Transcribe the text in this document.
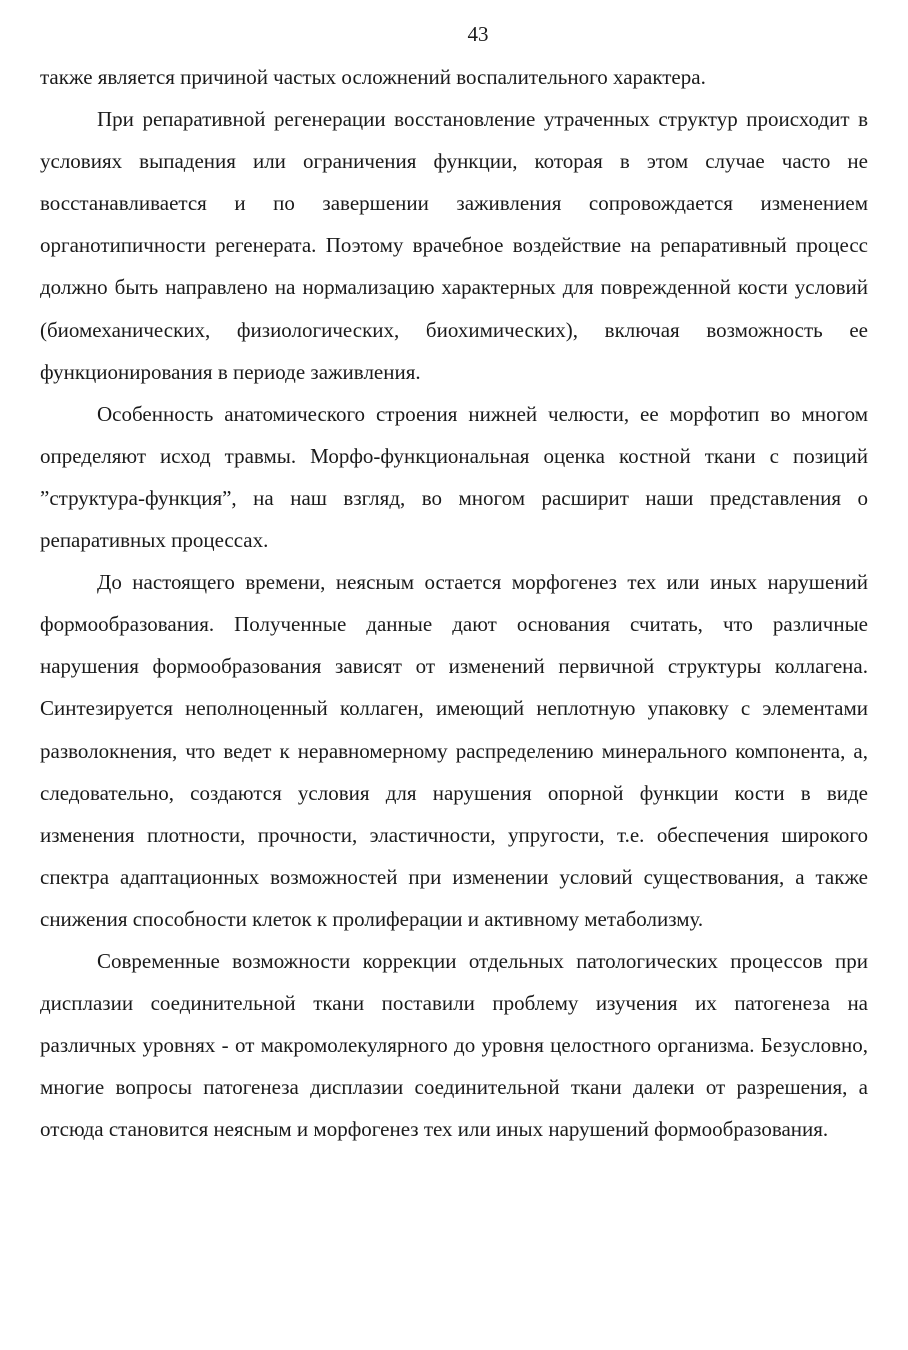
43

также является причиной частых осложнений воспалительного характера.

При репаративной регенерации восстановление утраченных структур происходит в условиях выпадения или ограничения функции, которая в этом случае часто не восстанавливается и по завершении заживления сопровождается изменением органотипичности регенерата. Поэтому врачебное воздействие на репаративный процесс должно быть направлено на нормализацию характерных для поврежденной кости условий (биомеханических, физиологических, биохимических), включая возможность ее функционирования в периоде заживления.

Особенность анатомического строения нижней челюсти, ее морфотип во многом определяют исход травмы. Морфо-функциональная оценка костной ткани с позиций ”структура-функция”, на наш взгляд, во многом расширит наши представления о репаративных процессах.

До настоящего времени, неясным остается морфогенез тех или иных нарушений формообразования. Полученные данные дают основания считать, что различные нарушения формообразования зависят от изменений первичной структуры коллагена. Синтезируется неполноценный коллаген, имеющий неплотную упаковку с элементами разволокнения, что ведет к неравномерному распределению минерального компонента, а, следовательно, создаются условия для нарушения опорной функции кости в виде изменения плотности, прочности, эластичности, упругости, т.е. обеспечения широкого спектра адаптационных возможностей при изменении условий существования, а также снижения способности клеток к пролиферации и активному метаболизму.

Современные возможности коррекции отдельных патологических процессов при дисплазии соединительной ткани поставили проблему изучения их патогенеза на различных уровнях - от макромолекулярного до уровня целостного организма. Безусловно, многие вопросы патогенеза дисплазии соединительной ткани далеки от разрешения, а отсюда становится неясным и морфогенез тех или иных нарушений формообразования.
